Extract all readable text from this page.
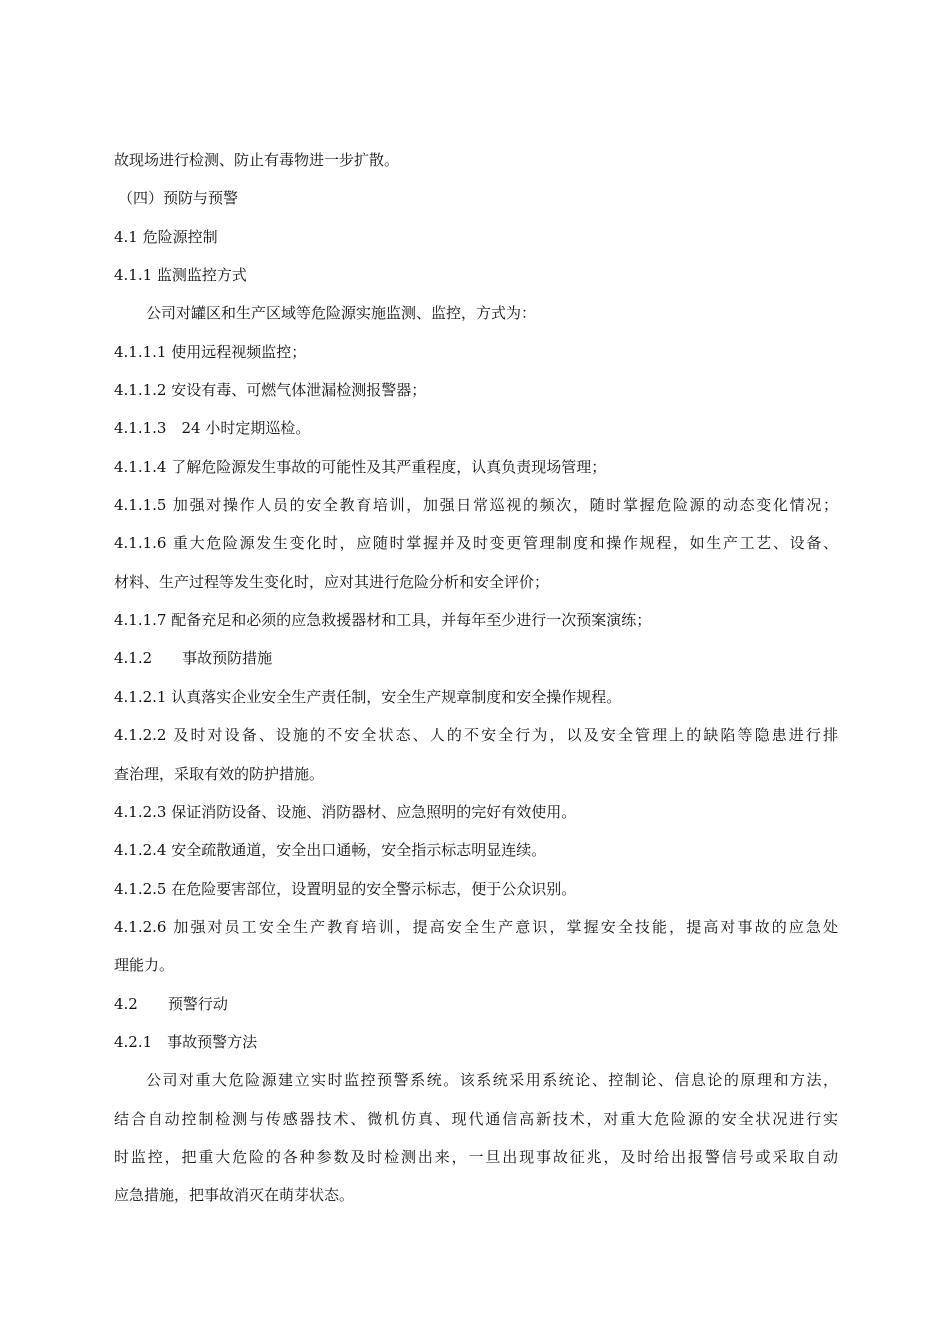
故现场进行检测、防止有毒物进一步扩散。
（四）预防与预警
4.1 危险源控制
4.1.1 监测监控方式
公司对罐区和生产区域等危险源实施监测、监控，方式为：
4.1.1.1 使用远程视频监控；
4.1.1.2 安设有毒、可燃气体泄漏检测报警器；
4.1.1.3　24 小时定期巡检。
4.1.1.4 了解危险源发生事故的可能性及其严重程度，认真负责现场管理；
4.1.1.5 加强对操作人员的安全教育培训，加强日常巡视的频次，随时掌握危险源的动态变化情况；
4.1.1.6 重大危险源发生变化时，应随时掌握并及时变更管理制度和操作规程，如生产工艺、设备、
材料、生产过程等发生变化时，应对其进行危险分析和安全评价；
4.1.1.7 配备充足和必须的应急救援器材和工具，并每年至少进行一次预案演练；
4.1.2　　事故预防措施
4.1.2.1 认真落实企业安全生产责任制，安全生产规章制度和安全操作规程。
4.1.2.2 及时对设备、设施的不安全状态、人的不安全行为，以及安全管理上的缺陷等隐患进行排
查治理，采取有效的防护措施。
4.1.2.3 保证消防设备、设施、消防器材、应急照明的完好有效使用。
4.1.2.4 安全疏散通道，安全出口通畅，安全指示标志明显连续。
4.1.2.5 在危险要害部位，设置明显的安全警示标志，便于公众识别。
4.1.2.6 加强对员工安全生产教育培训，提高安全生产意识，掌握安全技能，提高对事故的应急处
理能力。
4.2　　预警行动
4.2.1　事故预警方法
公司对重大危险源建立实时监控预警系统。该系统采用系统论、控制论、信息论的原理和方法，
结合自动控制检测与传感器技术、微机仿真、现代通信高新技术，对重大危险源的安全状况进行实
时监控，把重大危险的各种参数及时检测出来，一旦出现事故征兆，及时给出报警信号或采取自动
应急措施，把事故消灭在萌芽状态。
